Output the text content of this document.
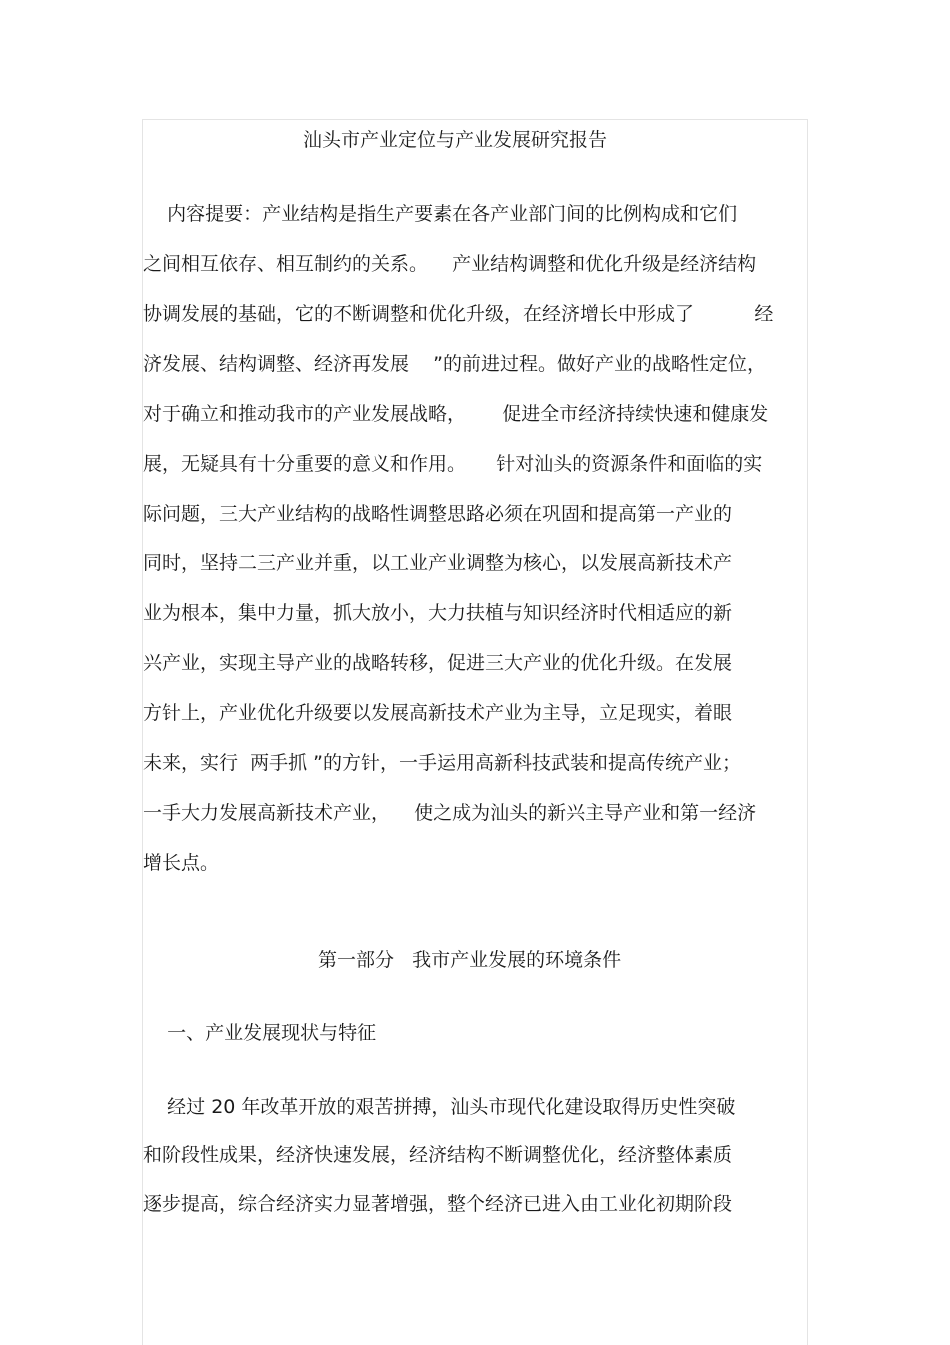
汕头市产业定位与产业发展研究报告
内容提要：产业结构是指生产要素在各产业部门间的比例构成和它们
之间相互依存、相互制约的关系。    产业结构调整和优化升级是经济结构
协调发展的基础，它的不断调整和优化升级，在经济增长中形成了          经
济发展、结构调整、经济再发展    ”的前进过程。做好产业的战略性定位，
对于确立和推动我市的产业发展战略，      促进全市经济持续快速和健康发
展，无疑具有十分重要的意义和作用。     针对汕头的资源条件和面临的实
际问题，三大产业结构的战略性调整思路必须在巩固和提高第一产业的
同时，坚持二三产业并重，以工业产业调整为核心，以发展高新技术产
业为根本，集中力量，抓大放小，大力扶植与知识经济时代相适应的新
兴产业，实现主导产业的战略转移，促进三大产业的优化升级。在发展
方针上，产业优化升级要以发展高新技术产业为主导，立足现实，着眼
未来，实行  两手抓 ”的方针，一手运用高新科技武装和提高传统产业；
一手大力发展高新技术产业，    使之成为汕头的新兴主导产业和第一经济
增长点。
第一部分   我市产业发展的环境条件
一、产业发展现状与特征
经过 20 年改革开放的艰苦拼搏，汕头市现代化建设取得历史性突破
和阶段性成果，经济快速发展，经济结构不断调整优化，经济整体素质
逐步提高，综合经济实力显著增强，整个经济已进入由工业化初期阶段
